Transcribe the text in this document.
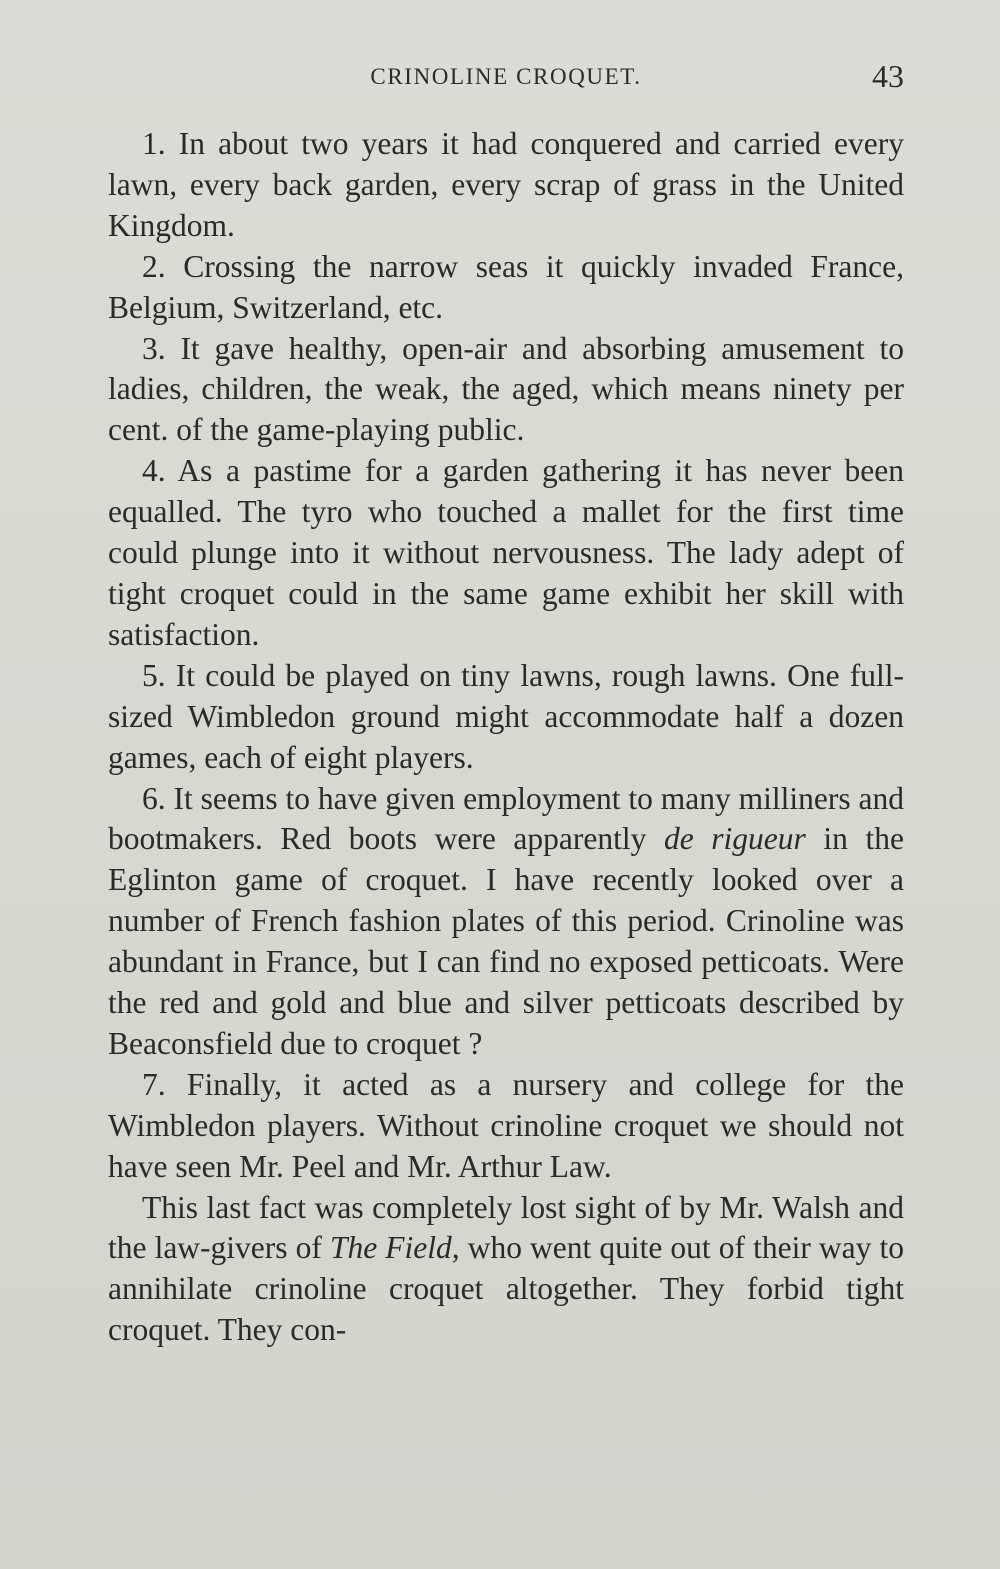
CRINOLINE CROQUET.	43

1. In about two years it had conquered and carried every lawn, every back garden, every scrap of grass in the United Kingdom.

2. Crossing the narrow seas it quickly invaded France, Belgium, Switzerland, etc.

3. It gave healthy, open-air and absorbing amusement to ladies, children, the weak, the aged, which means ninety per cent. of the game-playing public.

4. As a pastime for a garden gathering it has never been equalled. The tyro who touched a mallet for the first time could plunge into it without nervousness. The lady adept of tight croquet could in the same game exhibit her skill with satisfaction.

5. It could be played on tiny lawns, rough lawns. One full-sized Wimbledon ground might accommodate half a dozen games, each of eight players.

6. It seems to have given employment to many milliners and bootmakers. Red boots were apparently de rigueur in the Eglinton game of croquet. I have recently looked over a number of French fashion plates of this period. Crinoline was abundant in France, but I can find no exposed petticoats. Were the red and gold and blue and silver petticoats described by Beaconsfield due to croquet ?

7. Finally, it acted as a nursery and college for the Wimbledon players. Without crinoline croquet we should not have seen Mr. Peel and Mr. Arthur Law.

This last fact was completely lost sight of by Mr. Walsh and the law-givers of The Field, who went quite out of their way to annihilate crinoline croquet altogether. They forbid tight croquet. They con-
